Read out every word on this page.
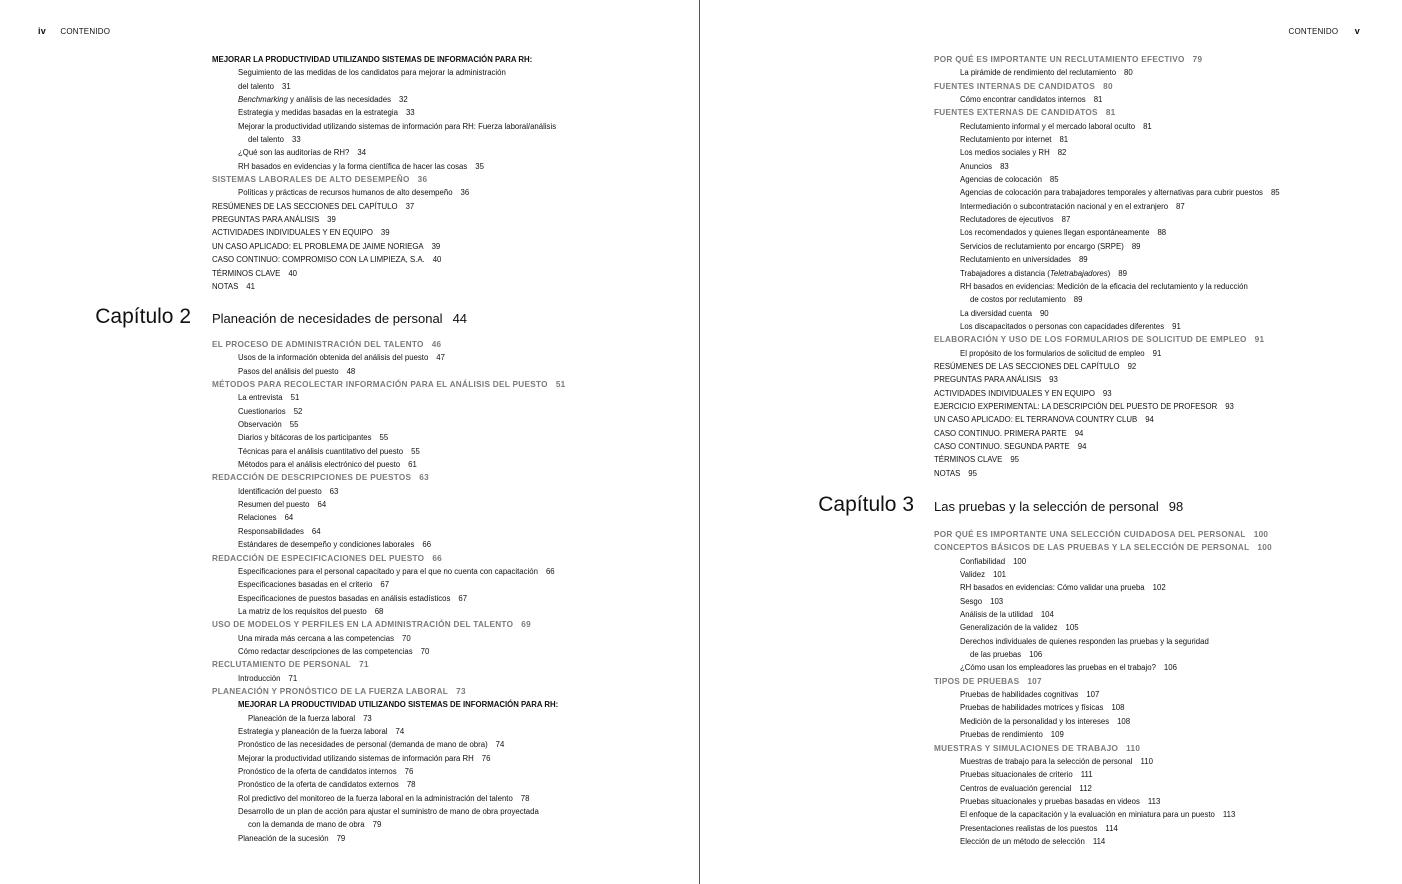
iv CONTENIDO
MEJORAR LA PRODUCTIVIDAD UTILIZANDO SISTEMAS DE INFORMACIÓN PARA RH:
Seguimiento de las medidas de los candidatos para mejorar la administración
del talento 31
Benchmarking y análisis de las necesidades 32
Estrategia y medidas basadas en la estrategia 33
Mejorar la productividad utilizando sistemas de información para RH: Fuerza laboral/análisis
del talento 33
¿Qué son las auditorías de RH? 34
RH basados en evidencias y la forma científica de hacer las cosas 35
SISTEMAS LABORALES DE ALTO DESEMPEÑO 36
Políticas y prácticas de recursos humanos de alto desempeño 36
RESÚMENES DE LAS SECCIONES DEL CAPÍTULO 37
PREGUNTAS PARA ANÁLISIS 39
ACTIVIDADES INDIVIDUALES Y EN EQUIPO 39
UN CASO APLICADO: EL PROBLEMA DE JAIME NORIEGA 39
CASO CONTINUO: COMPROMISO CON LA LIMPIEZA, S.A. 40
TÉRMINOS CLAVE 40
NOTAS 41
Capítulo 2 Planeación de necesidades de personal 44
EL PROCESO DE ADMINISTRACIÓN DEL TALENTO 46
Usos de la información obtenida del análisis del puesto 47
Pasos del análisis del puesto 48
MÉTODOS PARA RECOLECTAR INFORMACIÓN PARA EL ANÁLISIS DEL PUESTO 51
La entrevista 51
Cuestionarios 52
Observación 55
Diarios y bitácoras de los participantes 55
Técnicas para el análisis cuantitativo del puesto 55
Métodos para el análisis electrónico del puesto 61
REDACCIÓN DE DESCRIPCIONES DE PUESTOS 63
Identificación del puesto 63
Resumen del puesto 64
Relaciones 64
Responsabilidades 64
Estándares de desempeño y condiciones laborales 66
REDACCIÓN DE ESPECIFICACIONES DEL PUESTO 66
Especificaciones para el personal capacitado y para el que no cuenta con capacitación 66
Especificaciones basadas en el criterio 67
Especificaciones de puestos basadas en análisis estadísticos 67
La matriz de los requisitos del puesto 68
USO DE MODELOS Y PERFILES EN LA ADMINISTRACIÓN DEL TALENTO 69
Una mirada más cercana a las competencias 70
Cómo redactar descripciones de las competencias 70
RECLUTAMIENTO DE PERSONAL 71
Introducción 71
PLANEACIÓN Y PRONÓSTICO DE LA FUERZA LABORAL 73
MEJORAR LA PRODUCTIVIDAD UTILIZANDO SISTEMAS DE INFORMACIÓN PARA RH:
Planeación de la fuerza laboral 73
Estrategia y planeación de la fuerza laboral 74
Pronóstico de las necesidades de personal (demanda de mano de obra) 74
Mejorar la productividad utilizando sistemas de información para RH 76
Pronóstico de la oferta de candidatos internos 76
Pronóstico de la oferta de candidatos externos 78
Rol predictivo del monitoreo de la fuerza laboral en la administración del talento 78
Desarrollo de un plan de acción para ajustar el suministro de mano de obra proyectada
con la demanda de mano de obra 79
Planeación de la sucesión 79
CONTENIDO v
POR QUÉ ES IMPORTANTE UN RECLUTAMIENTO EFECTIVO 79
La pirámide de rendimiento del reclutamiento 80
FUENTES INTERNAS DE CANDIDATOS 80
Cómo encontrar candidatos internos 81
FUENTES EXTERNAS DE CANDIDATOS 81
Reclutamiento informal y el mercado laboral oculto 81
Reclutamiento por internet 81
Los medios sociales y RH 82
Anuncios 83
Agencias de colocación 85
Agencias de colocación para trabajadores temporales y alternativas para cubrir puestos 85
Intermediación o subcontratación nacional y en el extranjero 87
Reclutadores de ejecutivos 87
Los recomendados y quienes llegan espontáneamente 88
Servicios de reclutamiento por encargo (SRPE) 89
Reclutamiento en universidades 89
Trabajadores a distancia (Teletrabajadores) 89
RH basados en evidencias: Medición de la eficacia del reclutamiento y la reducción
de costos por reclutamiento 89
La diversidad cuenta 90
Los discapacitados o personas con capacidades diferentes 91
ELABORACIÓN Y USO DE LOS FORMULARIOS DE SOLICITUD DE EMPLEO 91
El propósito de los formularios de solicitud de empleo 91
RESÚMENES DE LAS SECCIONES DEL CAPÍTULO 92
PREGUNTAS PARA ANÁLISIS 93
ACTIVIDADES INDIVIDUALES Y EN EQUIPO 93
EJERCICIO EXPERIMENTAL: LA DESCRIPCIÓN DEL PUESTO DE PROFESOR 93
UN CASO APLICADO: EL TERRANOVA COUNTRY CLUB 94
CASO CONTINUO. PRIMERA PARTE 94
CASO CONTINUO. SEGUNDA PARTE 94
TÉRMINOS CLAVE 95
NOTAS 95
Capítulo 3 Las pruebas y la selección de personal 98
POR QUÉ ES IMPORTANTE UNA SELECCIÓN CUIDADOSA DEL PERSONAL 100
CONCEPTOS BÁSICOS DE LAS PRUEBAS Y LA SELECCIÓN DE PERSONAL 100
Confiabilidad 100
Validez 101
RH basados en evidencias: Cómo validar una prueba 102
Sesgo 103
Análisis de la utilidad 104
Generalización de la validez 105
Derechos individuales de quienes responden las pruebas y la seguridad
de las pruebas 106
¿Cómo usan los empleadores las pruebas en el trabajo? 106
TIPOS DE PRUEBAS 107
Pruebas de habilidades cognitivas 107
Pruebas de habilidades motrices y físicas 108
Medición de la personalidad y los intereses 108
Pruebas de rendimiento 109
MUESTRAS Y SIMULACIONES DE TRABAJO 110
Muestras de trabajo para la selección de personal 110
Pruebas situacionales de criterio 111
Centros de evaluación gerencial 112
Pruebas situacionales y pruebas basadas en videos 113
El enfoque de la capacitación y la evaluación en miniatura para un puesto 113
Presentaciones realistas de los puestos 114
Elección de un método de selección 114
